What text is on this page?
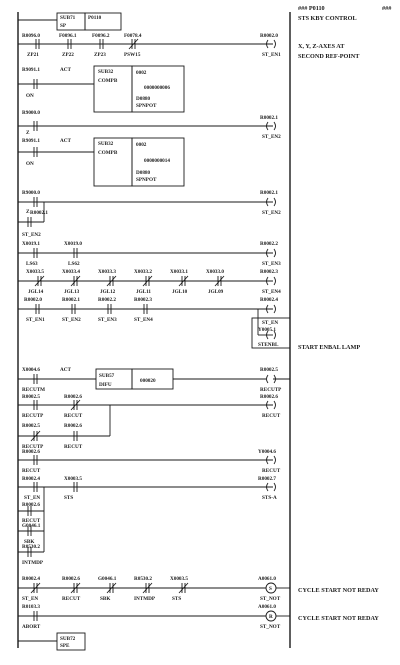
### P0110
STS KBY CONTROL
###
SUB71
SP
P0110
R0096.0
ZP21
F0096.1
ZP22
F0096.2
ZP23
F0078.4
PSW15
R0002.0
ST_EN1
X, Y, Z-AXES AT
SECOND REF-POINT
R9091.1	ACT
ON
SUB32
COMPB
0002
0000000006
D0880
SPNPOT
R9000.0
Z
R0002.1
ST_EN2
R9091.1	ACT
ON
SUB32
COMPB
0002
0000000014
D0880
SPNPOT
R9000.0
Z R0002.1
ST_EN2
R0002.1
ST_EN2
X0019.1
LS63
X0019.0
LS62
R0002.2
ST_EN3
X0033.5
JGL14
X0033.4
JGL13
X0033.3
JGL12
X0033.2
JGL11
X0033.1
JGL10
X0033.0
JGL09
R0002.3
ST_EN4
R0002.0
ST_EN1
R0002.1
ST_EN2
R0002.2
ST_EN3
R0002.3
ST_EN4
R0002.4
ST_EN
Y0005.1
STENBL	START ENBAL LAMP
X0004.6	ACT
RECUTM
R0002.5
RECUTP
SUB57
DIFU
000020
R0002.5
RECUTP
R0002.6
RECUT
R0002.5
RECUTP
R0002.6
RECUT
R0002.6
RECUT
R0002.6
RECUT
Y0004.6
RECUT
R0002.4
ST_EN
X0003.5
STS
R0002.6
RECUT
G0046.1
SBK
R0530.2
INTMDP
R0002.7
STS-A
S
R0002.4
ST_EN
R0002.6
RECUT
G0046.1
SBK
R0530.2
INTMDP
X0003.5
STS
A0061.0
ST_NOT
CYCLE START NOT REDAY
R
R0103.3
ABORT
A0061.0
ST_NOT
CYCLE START NOT REDAY
SUB72
SPE
